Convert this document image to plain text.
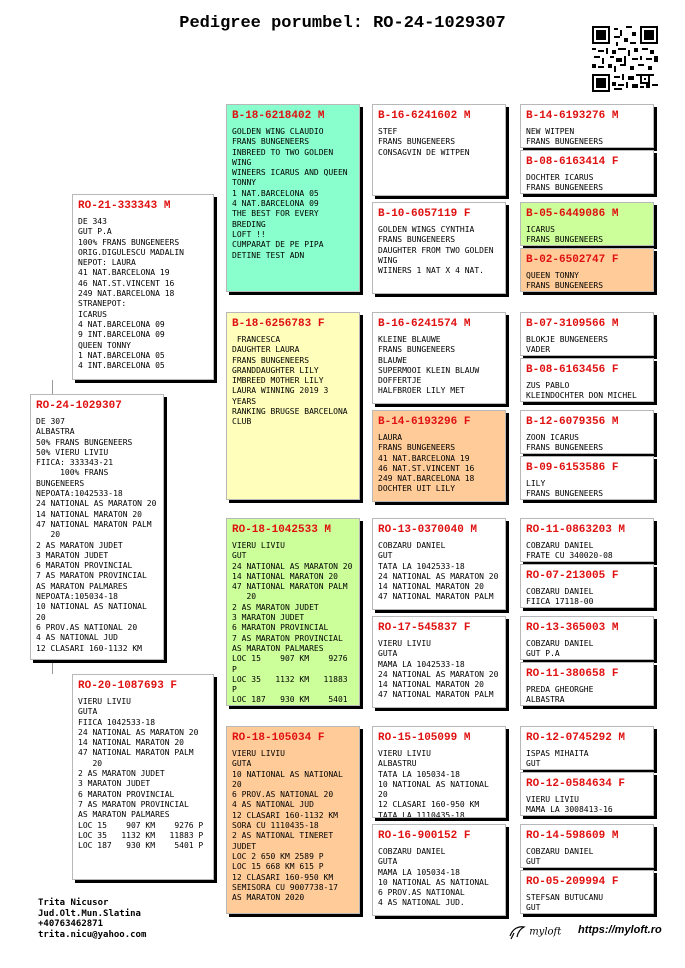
Pedigree porumbel: RO-24-1029307
RO-24-1029307
DE 307
ALBASTRA
50% FRANS BUNGENEERS
50% VIERU LIVIU
FIICA: 333343-21
100% FRANS BUNGENEERS
NEPOATA:1042533-18
24 NATIONAL AS MARATON 20
14 NATIONAL MARATON 20
47 NATIONAL MARATON PALM
20
2 AS MARATON JUDET
3 MARATON JUDET
6 MARATON PROVINCIAL
7 AS MARATON PROVINCIAL
AS MARATON PALMARES
NEPOATA:105034-18
10 NATIONAL AS NATIONAL 20
6 PROV.AS NATIONAL 20
4 AS NATIONAL JUD
12 CLASARI 160-1132 KM
RO-21-333343 M
DE 343
GUT P.A
100% FRANS BUNGENEERS
ORIG.DIGULESCU MADALIN
NEPOT: LAURA
41 NAT.BARCELONA 19
46 NAT.ST.VINCENT 16
249 NAT.BARCELONA 18
STRANEPOT:
ICARUS
4 NAT.BARCELONA 09
9 INT.BARCELONA 09
QUEEN TONNY
1 NAT.BARCELONA 05
4 INT.BARCELONA 05
RO-20-1087693 F
VIERU LIVIU
GUTA
FIICA 1042533-18
24 NATIONAL AS MARATON 20
14 NATIONAL MARATON 20
47 NATIONAL MARATON PALM
20
2 AS MARATON JUDET
3 MARATON JUDET
6 MARATON PROVINCIAL
7 AS MARATON PROVINCIAL
AS MARATON PALMARES
LOC 15    907 KM    9276 P
LOC 35   1132 KM   11883 P
LOC 187   930 KM    5401 P
B-18-6218402 M
GOLDEN WING CLAUDIO
FRANS BUNGENEERS
INBREED TO TWO GOLDEN WING
WINEERS ICARUS AND QUEEN
TONNY
1 NAT.BARCELONA 05
4 NAT.BARCELONA 09
THE BEST FOR EVERY BREDING
LOFT !!
CUMPARAT DE PE PIPA
DETINE TEST ADN
B-18-6256783 F
FRANCESCA
DAUGHTER LAURA
FRANS BUNGENEERS
GRANDDAUGHTER LILY
IMBREED MOTHER LILY
LAURA WINNING 2019 3 YEARS
RANKING BRUGSE BARCELONA
CLUB
RO-18-1042533 M
VIERU LIVIU
GUT
24 NATIONAL AS MARATON 20
14 NATIONAL MARATON 20
47 NATIONAL MARATON PALM
20
2 AS MARATON JUDET
3 MARATON JUDET
6 MARATON PROVINCIAL
7 AS MARATON PROVINCIAL
AS MARATON PALMARES
LOC 15    907 KM    9276 P
LOC 35   1132 KM   11883 P
LOC 187   930 KM    5401
RO-18-105034 F
VIERU LIVIU
GUTA
10 NATIONAL AS NATIONAL 20
6 PROV.AS NATIONAL 20
4 AS NATIONAL JUD
12 CLASARI 160-1132 KM
SORA CU 1110435-18
2 AS NATIONAL TINERET
JUDET
LOC 2 650 KM 2589 P
LOC 15 668 KM 615 P
12 CLASARI 160-950 KM
SEMISORA CU 9007738-17
AS MARATON 2020
B-16-6241602 M
STEF
FRANS BUNGENEERS
CONSAGVIN DE WITPEN
B-10-6057119 F
GOLDEN WINGS CYNTHIA
FRANS BUNGENEERS
DAUGHTER FROM TWO GOLDEN
WING
WIINERS 1 NAT X 4 NAT.
B-16-6241574 M
KLEINE BLAUWE
FRANS BUNGENEERS
BLAUWE
SUPERMOOI KLEIN BLAUW
DOFFERTJE
HALFBROER LILY MET
B-14-6193296 F
LAURA
FRANS BUNGENEERS
41 NAT.BARCELONA 19
46 NAT.ST.VINCENT 16
249 NAT.BARCELONA 18
DOCHTER UIT LILY
RO-13-0370040 M
COBZARU DANIEL
GUT
TATA LA 1042533-18
24 NATIONAL AS MARATON 20
14 NATIONAL MARATON 20
47 NATIONAL MARATON PALM
RO-17-545837 F
VIERU LIVIU
GUTA
MAMA LA 1042533-18
24 NATIONAL AS MARATON 20
14 NATIONAL MARATON 20
47 NATIONAL MARATON PALM
RO-15-105099 M
VIERU LIVIU
ALBASTRU
TATA LA 105034-18
10 NATIONAL AS NATIONAL 20
12 CLASARI 160-950 KM
TATA LA 1110435-18
RO-16-900152 F
COBZARU DANIEL
GUTA
MAMA LA 105034-18
10 NATIONAL AS NATIONAL
6 PROV.AS NATIONAL
4 AS NATIONAL JUD.
B-14-6193276 M
NEW WITPEN
FRANS BUNGENEERS
B-08-6163414 F
DOCHTER ICARUS
FRANS BUNGENEERS
B-05-6449086 M
ICARUS
FRANS BUNGENEERS
B-02-6502747 F
QUEEN TONNY
FRANS BUNGENEERS
B-07-3109566 M
BLOKJE BUNGENEERS
VADER
B-08-6163456 F
ZUS PABLO
KLEINDOCHTER DON MICHEL
B-12-6079356 M
ZOON ICARUS
FRANS BUNGENEERS
B-09-6153586 F
LILY
FRANS BUNGENEERS
RO-11-0863203 M
COBZARU DANIEL
FRATE CU 340020-08
RO-07-213005 F
COBZARU DANIEL
FIICA 17118-00
RO-13-365003 M
COBZARU DANIEL
GUT P.A
RO-11-380658 F
PREDA GHEORGHE
ALBASTRA
RO-12-0745292 M
ISPAS MIHAITA
GUT
RO-12-0584634 F
VIERU LIVIU
MAMA LA 3008413-16
RO-14-598609 M
COBZARU DANIEL
GUT
RO-05-209994 F
STEFSAN BUTUCANU
GUT
Trita Nicusor
Jud.Olt.Mun.Slatina
+40763462871
trita.nicu@yahoo.com	myloft https://myloft.ro
